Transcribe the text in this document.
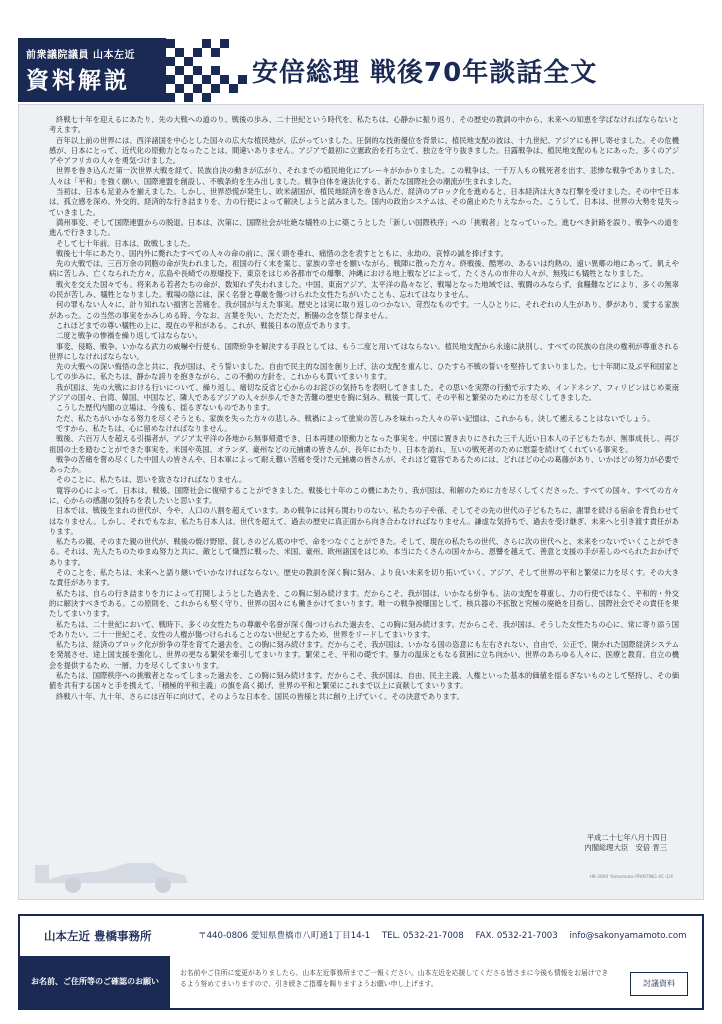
前衆議院議員 山本左近
資料解説	安倍総理 戦後70年談話全文

終戦七十年を迎えるにあたり、先の大戦への道のり、戦後の歩み、二十世紀という時代を、私たちは、心静かに振り返り、その歴史の教訓の中から、未来への知恵を学ばなければならないと考えます。

百年以上前の世界には、西洋諸国を中心とした国々の広大な植民地が、広がっていました。圧倒的な技術優位を背景に、植民地支配の波は、十九世紀、アジアにも押し寄せました。その危機感が、日本にとって、近代化の原動力となったことは、間違いありません。アジアで最初に立憲政治を打ち立て、独立を守り抜きました。日露戦争は、植民地支配のもとにあった、多くのアジアやアフリカの人々を勇気づけました。

世界を巻き込んだ第一次世界大戦を経て、民族自決の動きが広がり、それまでの植民地化にブレーキがかかりました。この戦争は、一千万人もの戦死者を出す、悲惨な戦争でありました。人々は「平和」を強く願い、国際連盟を創設し、不戦条約を生み出しました。戦争自体を違法化する、新たな国際社会の潮流が生まれました。

当初は、日本も足並みを揃えました。しかし、世界恐慌が発生し、欧米諸国が、植民地経済を巻き込んだ、経済のブロック化を進めると、日本経済は大きな打撃を受けました。その中で日本は、孤立感を深め、外交的、経済的な行き詰まりを、力の行使によって解決しようと試みました。国内の政治システムは、その歯止めたりえなかった。こうして、日本は、世界の大勢を見失っていきました。

満州事変、そして国際連盟からの脱退。日本は、次第に、国際社会が壮絶な犠牲の上に築こうとした「新しい国際秩序」への「挑戦者」となっていった。進むべき針路を誤り、戦争への道を進んで行きました。

そして七十年前。日本は、敗戦しました。

戦後七十年にあたり、国内外に斃れたすべての人々の命の前に、深く頭を垂れ、痛惜の念を表すとともに、永劫の、哀悼の誠を捧げます。

先の大戦では、三百万余の同胞の命が失われました。祖国の行く末を案じ、家族の幸せを願いながら、戦陣に散った方々。終戦後、酷寒の、あるいは灼熱の、遠い異郷の地にあって、飢えや病に苦しみ、亡くなられた方々。広島や長崎での原爆投下、東京をはじめ各都市での爆撃、沖縄における地上戦などによって、たくさんの市井の人々が、無残にも犠牲となりました。

戦火を交えた国々でも、将来ある若者たちの命が、数知れず失われました。中国、東南アジア、太平洋の島々など、戦場となった地域では、戦闘のみならず、食糧難などにより、多くの無辜の民が苦しみ、犠牲となりました。戦場の陰には、深く名誉と尊厳を傷つけられた女性たちがいたことも、忘れてはなりません。

何の罪もない人々に、計り知れない損害と苦痛を、我が国が与えた事実。歴史とは実に取り返しのつかない、苛烈なものです。一人ひとりに、それぞれの人生があり、夢があり、愛する家族があった。この当然の事実をかみしめる時、今なお、言葉を失い、ただただ、断腸の念を禁じ得ません。

これほどまでの尊い犠牲の上に、現在の平和がある。これが、戦後日本の原点であります。

二度と戦争の惨禍を繰り返してはならない。

事変、侵略、戦争。いかなる武力の威嚇や行使も、国際紛争を解決する手段としては、もう二度と用いてはならない。植民地支配から永遠に訣別し、すべての民族の自決の権利が尊重される世界にしなければならない。

先の大戦への深い悔悟の念と共に、我が国は、そう誓いました。自由で民主的な国を創り上げ、法の支配を重んじ、ひたすら不戦の誓いを堅持してまいりました。七十年間に及ぶ平和国家としての歩みに、私たちは、静かな誇りを抱きながら、この不動の方針を、これからも貫いてまいります。

我が国は、先の大戦における行いについて、繰り返し、痛切な反省と心からのお詫びの気持ちを表明してきました。その思いを実際の行動で示すため、インドネシア、フィリピンはじめ東南アジアの国々、台湾、韓国、中国など、隣人であるアジアの人々が歩んできた苦難の歴史を胸に刻み、戦後一貫して、その平和と繁栄のために力を尽くしてきました。

こうした歴代内閣の立場は、今後も、揺るぎないものであります。

ただ、私たちがいかなる努力を尽くそうとも、家族を失った方々の悲しみ、戦禍によって塗炭の苦しみを味わった人々の辛い記憶は、これからも、決して癒えることはないでしょう。

ですから、私たちは、心に留めなければなりません。

戦後、六百万人を超える引揚者が、アジア太平洋の各地から無事帰還でき、日本再建の原動力となった事実を。中国に置き去りにされた三千人近い日本人の子どもたちが、無事成長し、再び祖国の土を踏むことができた事実を。米国や英国、オランダ、豪州などの元捕虜の皆さんが、長年にわたり、日本を訪れ、互いの戦死者のために慰霊を続けてくれている事実を。

戦争の苦痛を嘗め尽くした中国人の皆さんや、日本軍によって耐え難い苦痛を受けた元捕虜の皆さんが、それほど寛容であるためには、どれほどの心の葛藤があり、いかほどの努力が必要であったか。

そのことに、私たちは、思いを致さなければなりません。

寛容の心によって、日本は、戦後、国際社会に復帰することができました。戦後七十年のこの機にあたり、我が国は、和解のために力を尽くしてくださった、すべての国々、すべての方々に、心からの感謝の気持ちを表したいと思います。

日本では、戦後生まれの世代が、今や、人口の八割を超えています。あの戦争には何ら関わりのない、私たちの子や孫、そしてその先の世代の子どもたちに、謝罪を続ける宿命を背負わせてはなりません。しかし、それでもなお、私たち日本人は、世代を超えて、過去の歴史に真正面から向き合わなければなりません。謙虚な気持ちで、過去を受け継ぎ、未来へと引き渡す責任があります。

私たちの親、そのまた親の世代が、戦後の焼け野原、貧しさのどん底の中で、命をつなぐことができた。そして、現在の私たちの世代、さらに次の世代へと、未来をつないでいくことができる。それは、先人たちのたゆまぬ努力と共に、敵として熾烈に戦った、米国、豪州、欧州諸国をはじめ、本当にたくさんの国々から、恩讐を越えて、善意と支援の手が差しのべられたおかげであります。

そのことを、私たちは、未来へと語り継いでいかなければならない。歴史の教訓を深く胸に刻み、より良い未来を切り拓いていく、アジア、そして世界の平和と繁栄に力を尽くす。その大きな責任があります。

私たちは、自らの行き詰まりを力によって打開しようとした過去を、この胸に刻み続けます。だからこそ、我が国は、いかなる紛争も、法の支配を尊重し、力の行使ではなく、平和的・外交的に解決すべきである。この原則を、これからも堅く守り、世界の国々にも働きかけてまいります。唯一の戦争被爆国として、核兵器の不拡散と究極の廃絶を目指し、国際社会でその責任を果たしてまいります。

私たちは、二十世紀において、戦時下、多くの女性たちの尊厳や名誉が深く傷つけられた過去を、この胸に刻み続けます。だからこそ、我が国は、そうした女性たちの心に、常に寄り添う国でありたい。二十一世紀こそ、女性の人権が傷つけられることのない世紀とするため、世界をリードしてまいります。

私たちは、経済のブロック化が紛争の芽を育てた過去を、この胸に刻み続けます。だからこそ、我が国は、いかなる国の恣意にも左右されない、自由で、公正で、開かれた国際経済システムを発展させ、途上国支援を強化し、世界の更なる繁栄を牽引してまいります。繁栄こそ、平和の礎です。暴力の温床ともなる貧困に立ち向かい、世界のあらゆる人々に、医療と教育、自立の機会を提供するため、一層、力を尽くしてまいります。

私たちは、国際秩序への挑戦者となってしまった過去を、この胸に刻み続けます。だからこそ、我が国は、自由、民主主義、人権といった基本的価値を揺るぎないものとして堅持し、その価値を共有する国々と手を携えて、「積極的平和主義」の旗を高く掲げ、世界の平和と繁栄にこれまで以上に貢献してまいります。

終戦八十年、九十年、さらには百年に向けて、そのような日本を、国民の皆様と共に創り上げていく。その決意であります。

平成二十七年八月十四日
内閣総理大臣　安倍 晋三
HK-3000 Yamamoto-PRINTING 4C-1/4
山本左近 豊橋事務所	〒440-0806 愛知県豊橋市八町通1丁目14-1 TEL. 0532-21-7008 FAX. 0532-21-7003 info@sakonyamamoto.com
お名前、ご住所等のご確認のお願い
お名前やご住所に変更がありましたら、山本左近事務所までご一報ください。山本左近を応援してくださる皆さまに今後も情報をお届けできるよう努めてまいりますので、引き続きご指導を賜りますようお願い申し上げます。	討議資料
